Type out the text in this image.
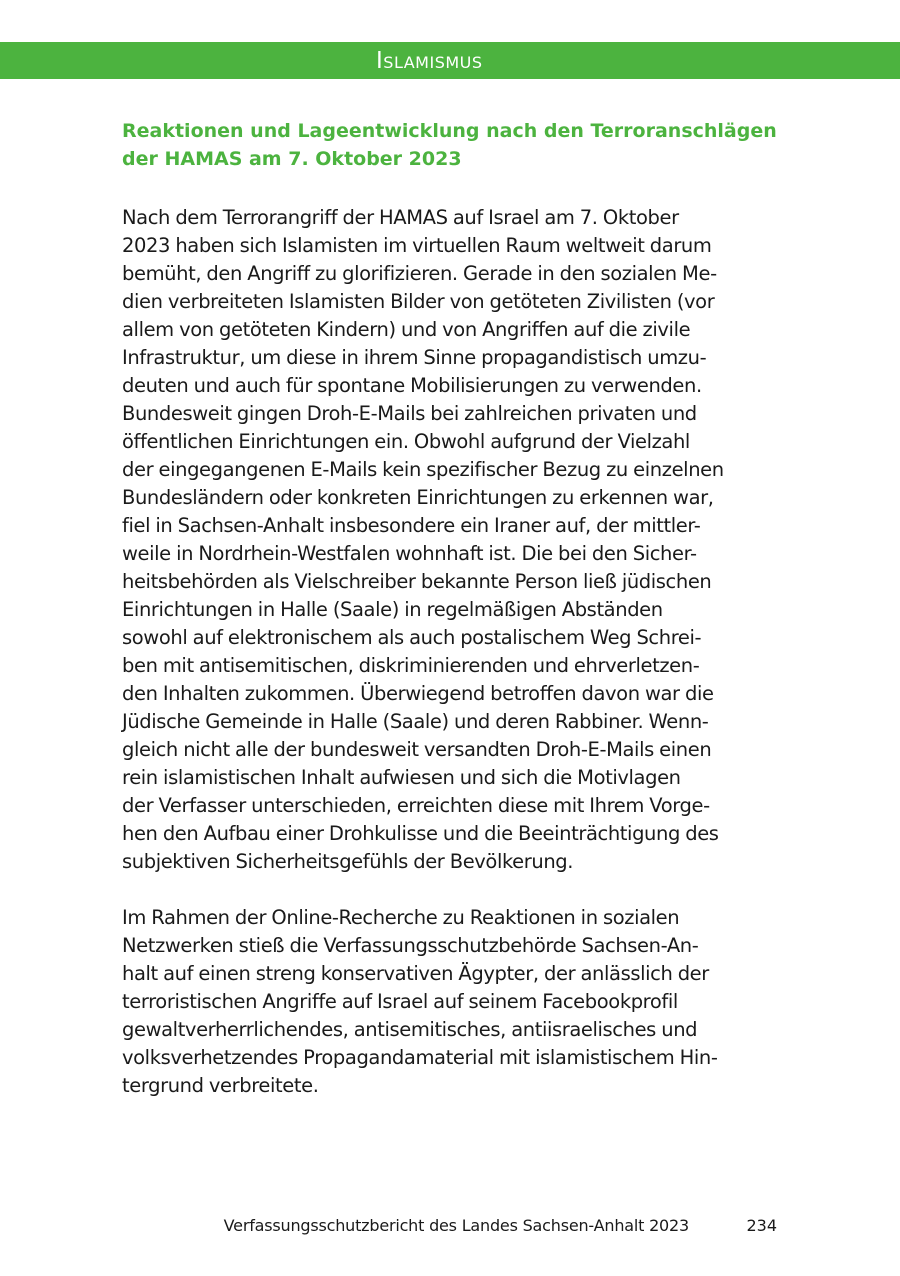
Islamismus
Reaktionen und Lageentwicklung nach den Terroranschlägen
der HAMAS am 7. Oktober 2023

Nach dem Terrorangriff der HAMAS auf Israel am 7. Oktober
2023 haben sich Islamisten im virtuellen Raum weltweit darum
bemüht, den Angriff zu glorifizieren. Gerade in den sozialen Me-
dien verbreiteten Islamisten Bilder von getöteten Zivilisten (vor
allem von getöteten Kindern) und von Angriffen auf die zivile
Infrastruktur, um diese in ihrem Sinne propagandistisch umzu-
deuten und auch für spontane Mobilisierungen zu verwenden.
Bundesweit gingen Droh-E-Mails bei zahlreichen privaten und
öffentlichen Einrichtungen ein. Obwohl aufgrund der Vielzahl
der eingegangenen E-Mails kein spezifischer Bezug zu einzelnen
Bundesländern oder konkreten Einrichtungen zu erkennen war,
fiel in Sachsen-Anhalt insbesondere ein Iraner auf, der mittler-
weile in Nordrhein-Westfalen wohnhaft ist. Die bei den Sicher-
heitsbehörden als Vielschreiber bekannte Person ließ jüdischen
Einrichtungen in Halle (Saale) in regelmäßigen Abständen
sowohl auf elektronischem als auch postalischem Weg Schrei-
ben mit antisemitischen, diskriminierenden und ehrverletzen-
den Inhalten zukommen. Überwiegend betroffen davon war die
Jüdische Gemeinde in Halle (Saale) und deren Rabbiner. Wenn-
gleich nicht alle der bundesweit versandten Droh-E-Mails einen
rein islamistischen Inhalt aufwiesen und sich die Motivlagen
der Verfasser unterschieden, erreichten diese mit Ihrem Vorge-
hen den Aufbau einer Drohkulisse und die Beeinträchtigung des
subjektiven Sicherheitsgefühls der Bevölkerung.

Im Rahmen der Online-Recherche zu Reaktionen in sozialen
Netzwerken stieß die Verfassungsschutzbehörde Sachsen-An-
halt auf einen streng konservativen Ägypter, der anlässlich der
terroristischen Angriffe auf Israel auf seinem Facebookprofil
gewaltverherrlichendes, antisemitisches, antiisraelisches und
volksverhetzendes Propagandamaterial mit islamistischem Hin-
tergrund verbreitete.

Verfassungsschutzbericht des Landes Sachsen-Anhalt 2023	234
